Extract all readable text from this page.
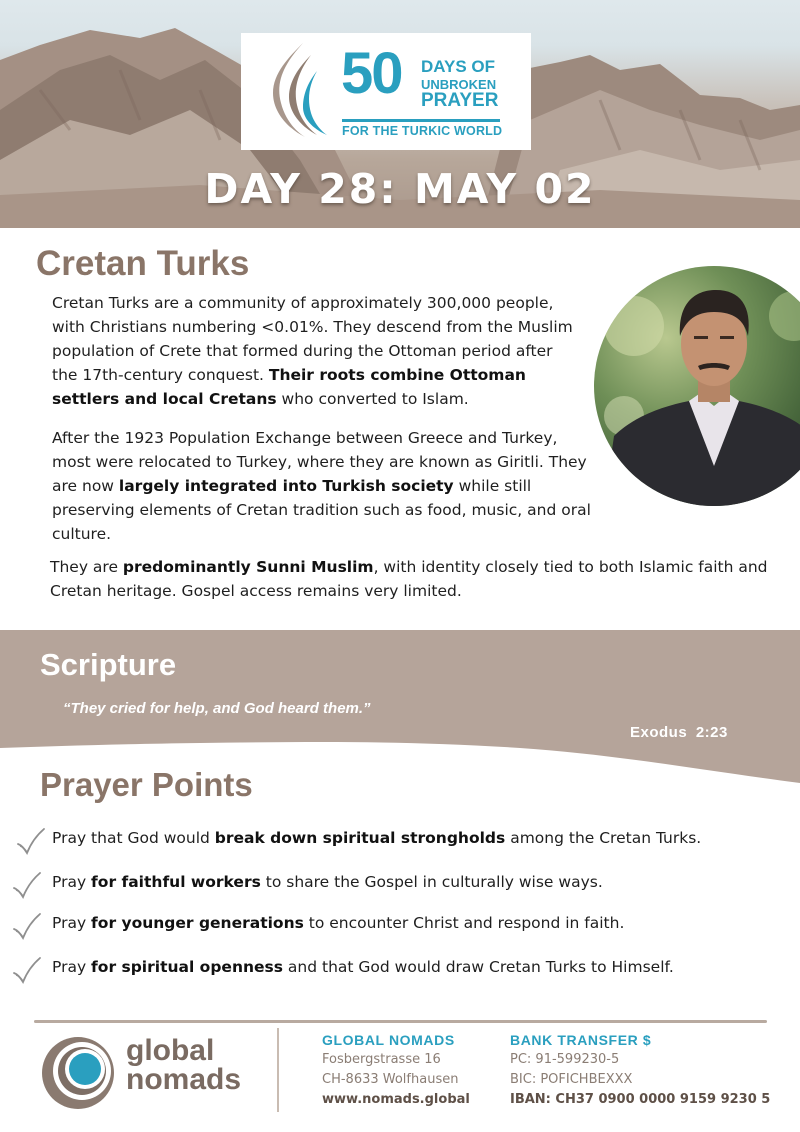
50 DAYS OF
UNBROKEN
PRAYER
FOR THE TURKIC WORLD
DAY 28: MAY 02
Cretan Turks

Cretan Turks are a community of approximately 300,000 people, with Christians numbering <0.01%. They descend from the Muslim population of Crete that formed during the Ottoman period after the 17th-century conquest. Their roots combine Ottoman settlers and local Cretans who converted to Islam.

After the 1923 Population Exchange between Greece and Turkey, most were relocated to Turkey, where they are known as Giritli. They are now largely integrated into Turkish society while still preserving elements of Cretan tradition such as food, music, and oral culture.

They are predominantly Sunni Muslim, with identity closely tied to both Islamic faith and Cretan heritage. Gospel access remains very limited.

Scripture
“They cried for help, and God heard them.”
Exodus 2:23
Prayer Points
Pray that God would break down spiritual strongholds among the Cretan Turks.
Pray for faithful workers to share the Gospel in culturally wise ways.
Pray for younger generations to encounter Christ and respond in faith.
Pray for spiritual openness and that God would draw Cretan Turks to Himself.
global
nomads
GLOBAL NOMADS
Fosbergstrasse 16
CH-8633 Wolfhausen
www.nomads.global
BANK TRANSFER $
PC: 91-599230-5
BIC: POFICHBEXXX
IBAN: CH37 0900 0000 9159 9230 5
